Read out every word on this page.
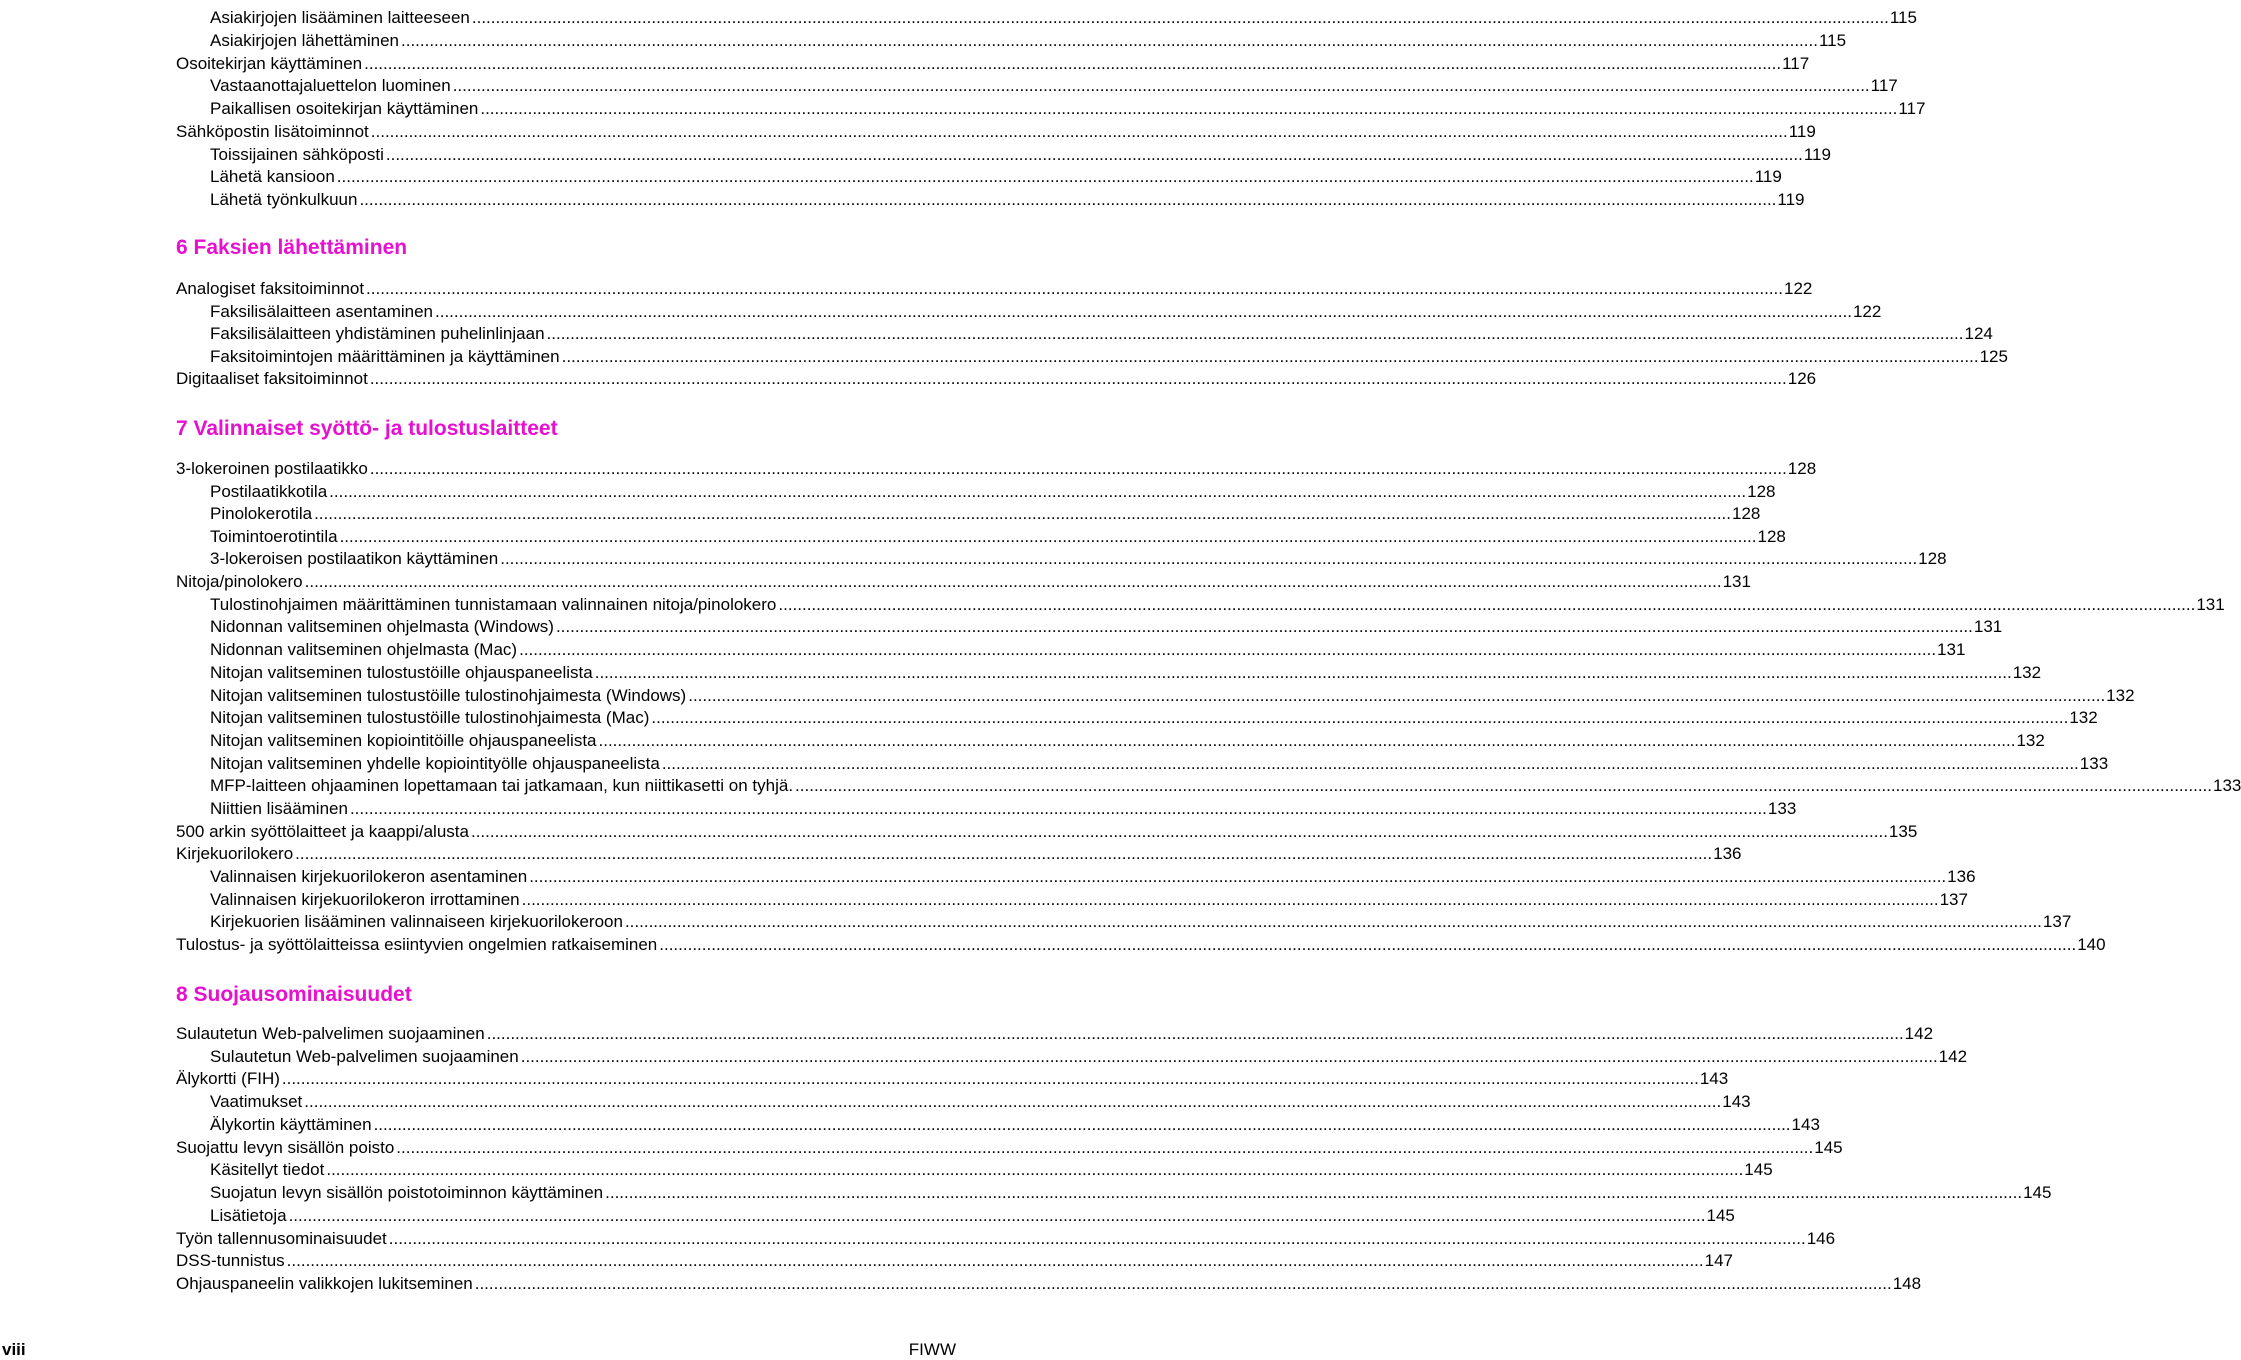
Asiakirjojen lisääminen laitteeseen ............................................................................................................................................................................................................................................................................................................ 115
Asiakirjojen lähettäminen ............................................................................................................................................................................................................................................................................................................ 115
Osoitekirjan käyttäminen ............................................................................................................................................................................................................................................................................................................ 117
Vastaanottajaluettelon luominen ............................................................................................................................................................................................................................................................................................................ 117
Paikallisen osoitekirjan käyttäminen ............................................................................................................................................................................................................................................................................................................ 117
Sähköpostin lisätoiminnot ............................................................................................................................................................................................................................................................................................................ 119
Toissijainen sähköposti ............................................................................................................................................................................................................................................................................................................ 119
Lähetä kansioon ............................................................................................................................................................................................................................................................................................................ 119
Lähetä työnkulkuun ............................................................................................................................................................................................................................................................................................................ 119
6 Faksien lähettäminen
Analogiset faksitoiminnot ............................................................................................................................................................................................................................................................................................................ 122
Faksilisälaitteen asentaminen ............................................................................................................................................................................................................................................................................................................ 122
Faksilisälaitteen yhdistäminen puhelinlinjaan ............................................................................................................................................................................................................................................................................................................ 124
Faksitoimintojen määrittäminen ja käyttäminen ............................................................................................................................................................................................................................................................................................................ 125
Digitaaliset faksitoiminnot ............................................................................................................................................................................................................................................................................................................ 126
7 Valinnaiset syöttö- ja tulostuslaitteet
3-lokeroinen postilaatikko ............................................................................................................................................................................................................................................................................................................ 128
Postilaatikkotila ............................................................................................................................................................................................................................................................................................................ 128
Pinolokerotila ............................................................................................................................................................................................................................................................................................................ 128
Toimintoerotintila ............................................................................................................................................................................................................................................................................................................ 128
3-lokeroisen postilaatikon käyttäminen ............................................................................................................................................................................................................................................................................................................ 128
Nitoja/pinolokero ............................................................................................................................................................................................................................................................................................................ 131
Tulostinohjaimen määrittäminen tunnistamaan valinnainen nitoja/pinolokero ............................................................................................................................................................................................................................................................................................................ 131
Nidonnan valitseminen ohjelmasta (Windows) ............................................................................................................................................................................................................................................................................................................ 131
Nidonnan valitseminen ohjelmasta (Mac) ............................................................................................................................................................................................................................................................................................................ 131
Nitojan valitseminen tulostustöille ohjauspaneelista ............................................................................................................................................................................................................................................................................................................ 132
Nitojan valitseminen tulostustöille tulostinohjaimesta (Windows) ............................................................................................................................................................................................................................................................................................................ 132
Nitojan valitseminen tulostustöille tulostinohjaimesta (Mac) ............................................................................................................................................................................................................................................................................................................ 132
Nitojan valitseminen kopiointitöille ohjauspaneelista ............................................................................................................................................................................................................................................................................................................ 132
Nitojan valitseminen yhdelle kopiointityölle ohjauspaneelista ............................................................................................................................................................................................................................................................................................................ 133
MFP-laitteen ohjaaminen lopettamaan tai jatkamaan, kun niittikasetti on tyhjä. ............................................................................................................................................................................................................................................................................................................ 133
Niittien lisääminen ............................................................................................................................................................................................................................................................................................................ 133
500 arkin syöttölaitteet ja kaappi/alusta ............................................................................................................................................................................................................................................................................................................ 135
Kirjekuorilokero ............................................................................................................................................................................................................................................................................................................ 136
Valinnaisen kirjekuorilokeron asentaminen ............................................................................................................................................................................................................................................................................................................ 136
Valinnaisen kirjekuorilokeron irrottaminen ............................................................................................................................................................................................................................................................................................................ 137
Kirjekuorien lisääminen valinnaiseen kirjekuorilokeroon ............................................................................................................................................................................................................................................................................................................ 137
Tulostus- ja syöttölaitteissa esiintyvien ongelmien ratkaiseminen ............................................................................................................................................................................................................................................................................................................ 140
8 Suojausominaisuudet
Sulautetun Web-palvelimen suojaaminen ............................................................................................................................................................................................................................................................................................................ 142
Sulautetun Web-palvelimen suojaaminen ............................................................................................................................................................................................................................................................................................................ 142
Älykortti (FIH) ............................................................................................................................................................................................................................................................................................................ 143
Vaatimukset ............................................................................................................................................................................................................................................................................................................ 143
Älykortin käyttäminen ............................................................................................................................................................................................................................................................................................................ 143
Suojattu levyn sisällön poisto ............................................................................................................................................................................................................................................................................................................ 145
Käsitellyt tiedot ............................................................................................................................................................................................................................................................................................................ 145
Suojatun levyn sisällön poistotoiminnon käyttäminen ............................................................................................................................................................................................................................................................................................................ 145
Lisätietoja ............................................................................................................................................................................................................................................................................................................ 145
Työn tallennusominaisuudet ............................................................................................................................................................................................................................................................................................................ 146
DSS-tunnistus ............................................................................................................................................................................................................................................................................................................ 147
Ohjauspaneelin valikkojen lukitseminen ............................................................................................................................................................................................................................................................................................................ 148
viii	FIWW
